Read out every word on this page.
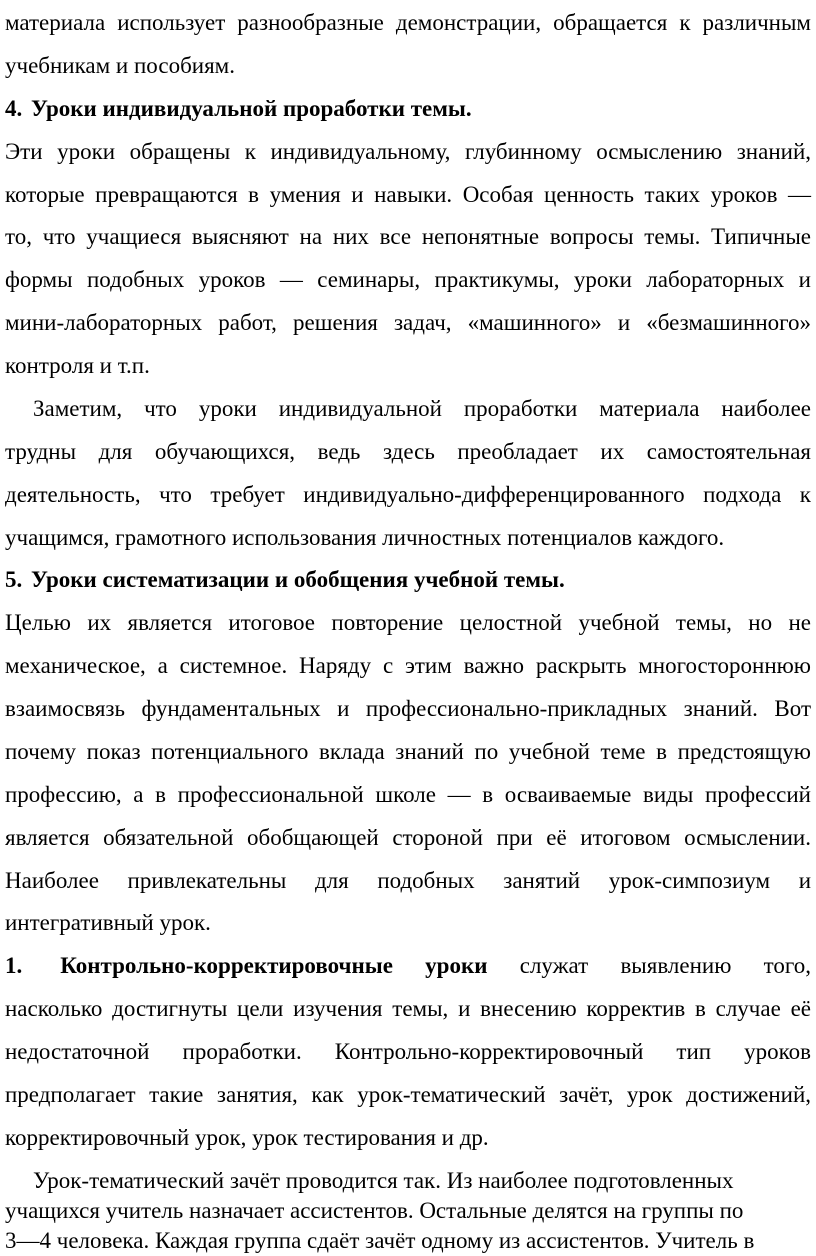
материала использует разнообразные демонстрации, обращается к различным
учебникам и пособиям.
4. Уроки индивидуальной проработки темы.
Эти уроки обращены к индивидуальному, глубинному осмыслению знаний,
которые превращаются в умения и навыки. Особая ценность таких уроков —
то, что учащиеся выясняют на них все непонятные вопросы темы. Типичные
формы подобных уроков — семинары, практикумы, уроки лабораторных и
мини-лабораторных работ, решения задач, «машинного» и «безмашинного»
контроля и т.п.
Заметим, что уроки индивидуальной проработки материала наиболее
трудны для обучающихся, ведь здесь преобладает их самостоятельная
деятельность, что требует индивидуально-дифференцированного подхода к
учащимся, грамотного использования личностных потенциалов каждого.
5. Уроки систематизации и обобщения учебной темы.
Целью их является итоговое повторение целостной учебной темы, но не
механическое, а системное. Наряду с этим важно раскрыть многостороннюю
взаимосвязь фундаментальных и профессионально-прикладных знаний. Вот
почему показ потенциального вклада знаний по учебной теме в предстоящую
профессию, а в профессиональной школе — в осваиваемые виды профессий
является обязательной обобщающей стороной при её итоговом осмыслении.
Наиболее привлекательны для подобных занятий урок-симпозиум и
интегративный урок.
1. Контрольно-корректировочные уроки служат выявлению того,
насколько достигнуты цели изучения темы, и внесению корректив в случае её
недостаточной проработки. Контрольно-корректировочный тип уроков
предполагает такие занятия, как урок-тематический зачёт, урок достижений,
корректировочный урок, урок тестирования и др.
Урок-тематический зачёт проводится так. Из наиболее подготовленных
учащихся учитель назначает ассистентов. Остальные делятся на группы по
3—4 человека. Каждая группа сдаёт зачёт одному из ассистентов. Учитель в
